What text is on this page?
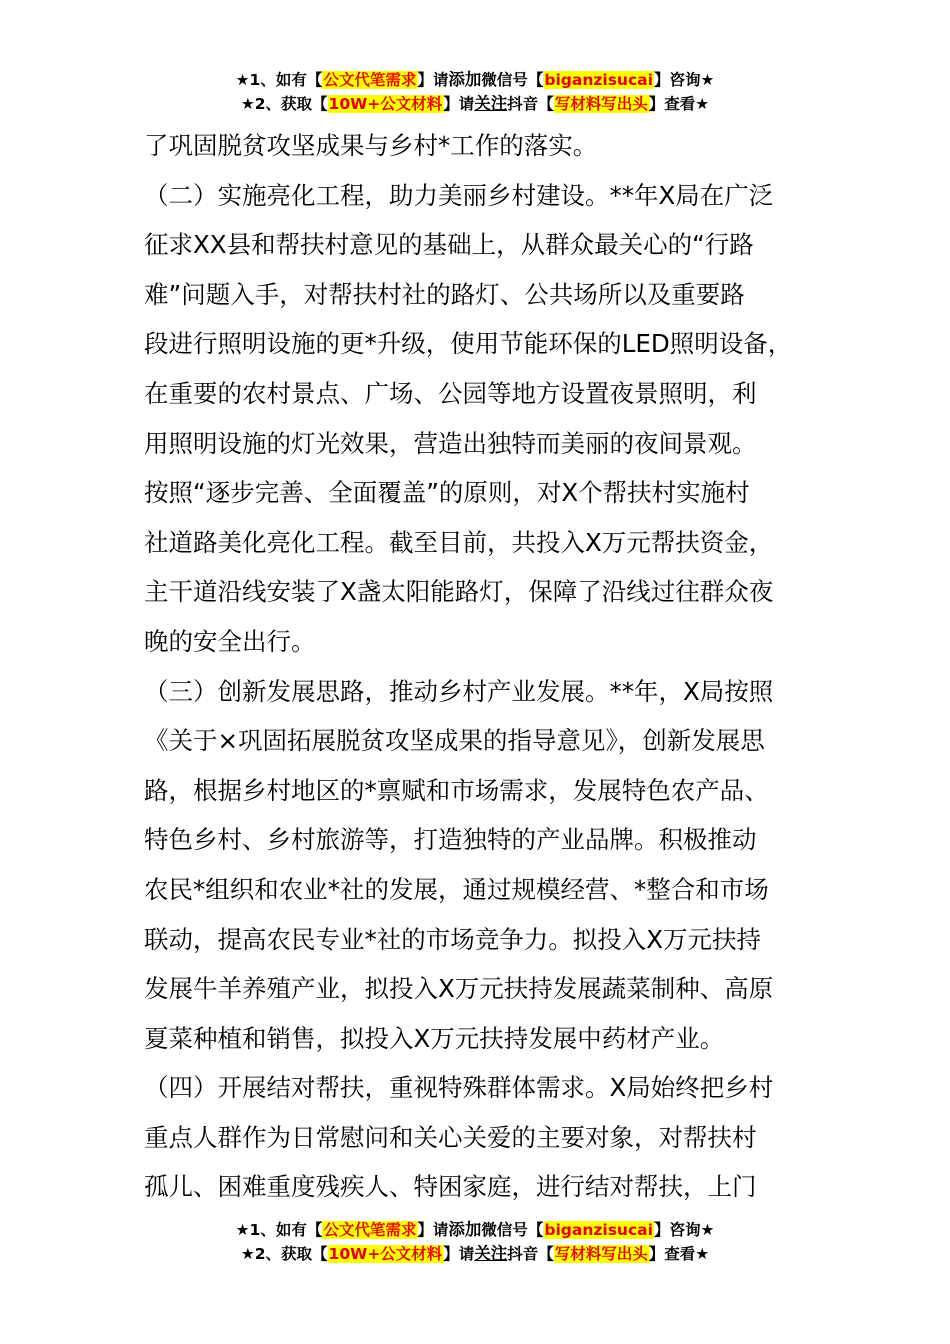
★1、如有【公文代笔需求】请添加微信号【biganzisucai】咨询★
★2、获取【10W+公文材料】请关注抖音【写材料写出头】查看★
了巩固脱贫攻坚成果与乡村*工作的落实。
（二）实施亮化工程，助力美丽乡村建设。**年X局在广泛
征求XX县和帮扶村意见的基础上，从群众最关心的“行路
难”问题入手，对帮扶村社的路灯、公共场所以及重要路
段进行照明设施的更*升级，使用节能环保的LED照明设备，
在重要的农村景点、广场、公园等地方设置夜景照明，利
用照明设施的灯光效果，营造出独特而美丽的夜间景观。
按照“逐步完善、全面覆盖”的原则，对X个帮扶村实施村
社道路美化亮化工程。截至目前，共投入X万元帮扶资金，
主干道沿线安装了X盏太阳能路灯，保障了沿线过往群众夜
晚的安全出行。
（三）创新发展思路，推动乡村产业发展。**年，X局按照
《关于×巩固拓展脱贫攻坚成果的指导意见》，创新发展思
路，根据乡村地区的*禀赋和市场需求，发展特色农产品、
特色乡村、乡村旅游等，打造独特的产业品牌。积极推动
农民*组织和农业*社的发展，通过规模经营、*整合和市场
联动，提高农民专业*社的市场竞争力。拟投入X万元扶持
发展牛羊养殖产业，拟投入X万元扶持发展蔬菜制种、高原
夏菜种植和销售，拟投入X万元扶持发展中药材产业。
（四）开展结对帮扶，重视特殊群体需求。X局始终把乡村
重点人群作为日常慰问和关心关爱的主要对象，对帮扶村
孤儿、困难重度残疾人、特困家庭，进行结对帮扶，上门
★1、如有【公文代笔需求】请添加微信号【biganzisucai】咨询★
★2、获取【10W+公文材料】请关注抖音【写材料写出头】查看★
